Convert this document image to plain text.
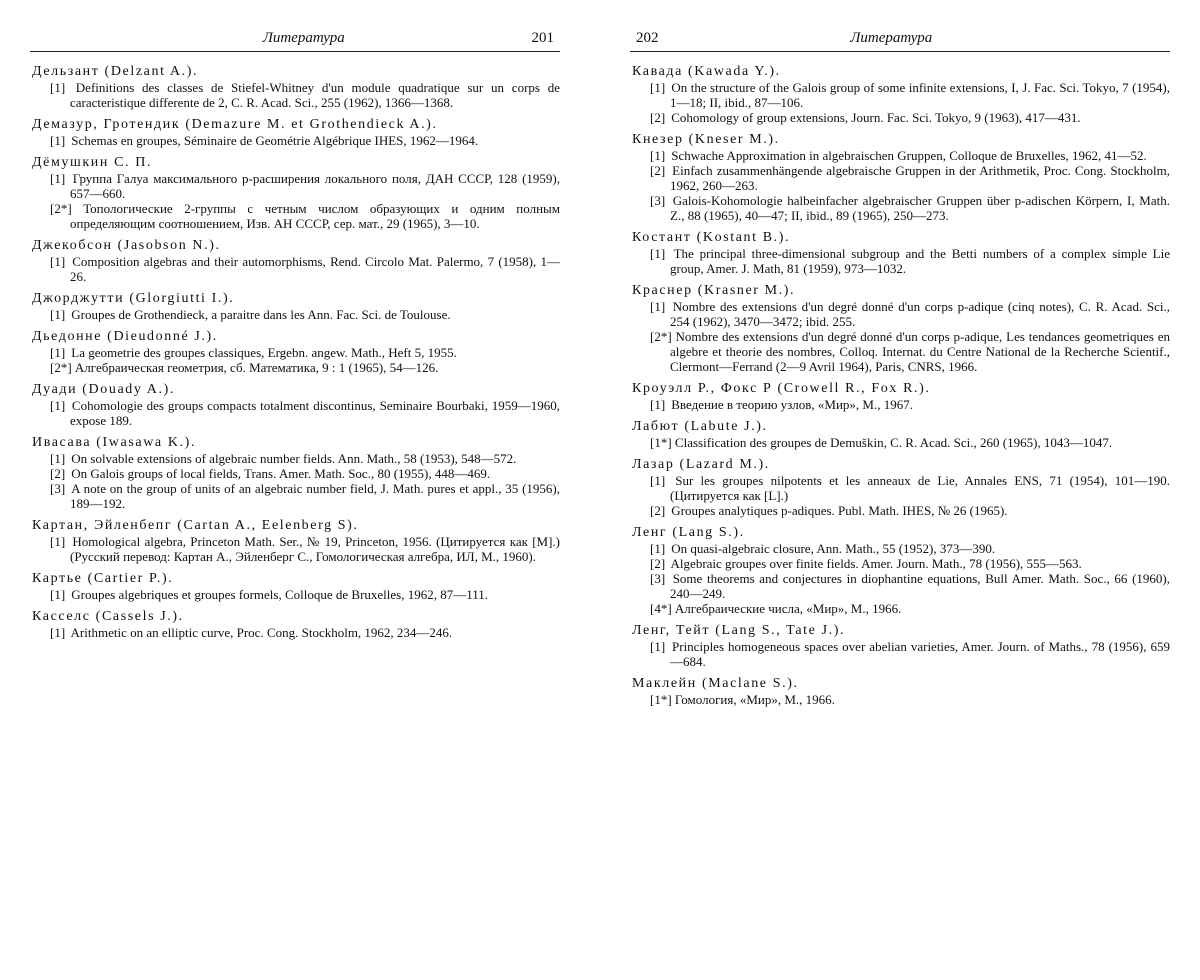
Литература	201
Дельзант (Delzant A.).
[1] Definitions des classes de Stiefel-Whitney d'un module quadratique sur un corps de caracteristique differente de 2, C. R. Acad. Sci., 255 (1962), 1366—1368.
Демазур, Гротендик (Demazure M. et Grothendieck A.).
[1] Schemas en groupes, Séminaire de Geométrie Algébrique IHES, 1962—1964.
Дёмушкин С. П.
[1] Группа Галуа максимального p-расширения локального поля, ДАН СССР, 128 (1959), 657—660.
[2*] Топологические 2-группы с четным числом образующих и одним полным определяющим соотношением, Изв. АН СССР, сер. мат., 29 (1965), 3—10.
Джекобсон (Jasobson N.).
[1] Composition algebras and their automorphisms, Rend. Circolo Mat. Palermo, 7 (1958), 1—26.
Джорджутти (Glorgiutti I.).
[1] Groupes de Grothendieck, a paraitre dans les Ann. Fac. Sci. de Toulouse.
Дьедонне (Dieudonné J.).
[1] La geometrie des groupes classiques, Ergebn. angew. Math., Heft 5, 1955.
[2*] Алгебраическая геометрия, сб. Математика, 9 : 1 (1965), 54—126.
Дуади (Douady A.).
[1] Cohomologie des groups compacts totalment discontinus, Seminaire Bourbaki, 1959—1960, expose 189.
Ивасава (Iwasawa K.).
[1] On solvable extensions of algebraic number fields. Ann. Math., 58 (1953), 548—572.
[2] On Galois groups of local fields, Trans. Amer. Math. Soc., 80 (1955), 448—469.
[3] A note on the group of units of an algebraic number field, J. Math. pures et appl., 35 (1956), 189—192.
Картан, Эйленбепг (Cartan A., Eelenberg S).
[1] Homological algebra, Princeton Math. Ser., № 19, Princeton, 1956. (Цитируется как [M].) (Русский перевод: Картан А., Эйленберг С., Гомологическая алгебра, ИЛ, М., 1960).
Картье (Cartier P.).
[1] Groupes algebriques et groupes formels, Colloque de Bruxelles, 1962, 87—111.
Касселс (Cassels J.).
[1] Arithmetic on an elliptic curve, Proc. Cong. Stockholm, 1962, 234—246.
202	Литература
Кавада (Kawada Y.).
[1] On the structure of the Galois group of some infinite extensions, I, J. Fac. Sci. Tokyo, 7 (1954), 1—18; II, ibid., 87—106.
[2] Cohomology of group extensions, Journ. Fac. Sci. Tokyo, 9 (1963), 417—431.
Кнезер (Kneser M.).
[1] Schwache Approximation in algebraischen Gruppen, Colloque de Bruxelles, 1962, 41—52.
[2] Einfach zusammenhängende algebraische Gruppen in der Arithmetik, Proc. Cong. Stockholm, 1962, 260—263.
[3] Galois-Kohomologie halbeinfacher algebraischer Gruppen über p-adischen Körpern, I, Math. Z., 88 (1965), 40—47; II, ibid., 89 (1965), 250—273.
Костант (Kostant B.).
[1] The principal three-dimensional subgroup and the Betti numbers of a complex simple Lie group, Amer. J. Math, 81 (1959), 973—1032.
Краснер (Krasner M.).
[1] Nombre des extensions d'un degré donné d'un corps p-adique (cinq notes), C. R. Acad. Sci., 254 (1962), 3470—3472; ibid. 255.
[2*] Nombre des extensions d'un degré donné d'un corps p-adique, Les tendances geometriques en algebre et theorie des nombres, Colloq. Internat. du Centre National de la Recherche Scientif., Clermont—Ferrand (2—9 Avril 1964), Paris, CNRS, 1966.
Кроуэлл Р., Фокс Р (Crowell R., Fox R.).
[1] Введение в теорию узлов, «Мир», М., 1967.
Лабют (Labute J.).
[1*] Classification des groupes de Demuškin, C. R. Acad. Sci., 260 (1965), 1043—1047.
Лазар (Lazard M.).
[1] Sur les groupes nilpotents et les anneaux de Lie, Annales ENS, 71 (1954), 101—190. (Цитируется как [L].)
[2] Groupes analytiques p-adiques. Publ. Math. IHES, № 26 (1965).
Ленг (Lang S.).
[1] On quasi-algebraic closure, Ann. Math., 55 (1952), 373—390.
[2] Algebraic groupes over finite fields. Amer. Journ. Math., 78 (1956), 555—563.
[3] Some theorems and conjectures in diophantine equations, Bull Amer. Math. Soc., 66 (1960), 240—249.
[4*] Алгебраические числа, «Мир», М., 1966.
Ленг, Тейт (Lang S., Tate J.).
[1] Principles homogeneous spaces over abelian varieties, Amer. Journ. of Maths., 78 (1956), 659—684.
Маклейн (Maclane S.).
[1*] Гомология, «Мир», М., 1966.
